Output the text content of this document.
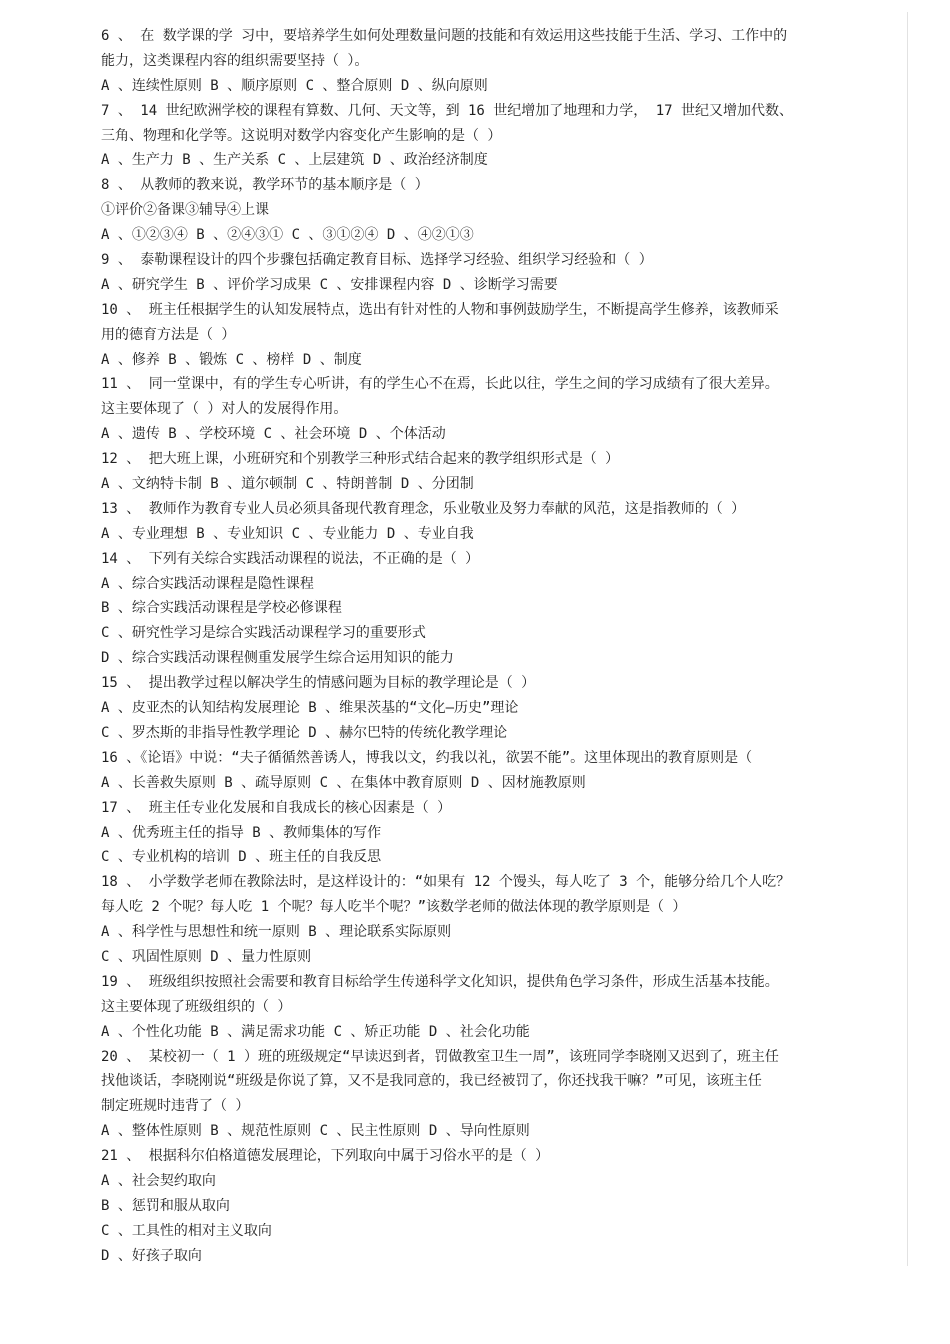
6 、 在 数学课的学 习中，要培养学生如何处理数量问题的技能和有效运用这些技能于生活、学习、工作中的
能力，这类课程内容的组织需要坚持（ ）。
A 、连续性原则 B 、顺序原则 C 、整合原则 D 、纵向原则
7 、 14 世纪欧洲学校的课程有算数、几何、天文等，到 16 世纪增加了地理和力学， 17 世纪又增加代数、
三角、物理和化学等。这说明对数学内容变化产生影响的是（ ）
A 、生产力 B 、生产关系 C 、上层建筑 D 、政治经济制度
8 、 从教师的教来说，教学环节的基本顺序是（ ）
①评价②备课③辅导④上课
A 、①②③④ B 、②④③① C 、③①②④ D 、④②①③
9 、 泰勒课程设计的四个步骤包括确定教育目标、选择学习经验、组织学习经验和（ ）
A 、研究学生 B 、评价学习成果 C 、安排课程内容 D 、诊断学习需要
10 、 班主任根据学生的认知发展特点，选出有针对性的人物和事例鼓励学生，不断提高学生修养，该教师采
用的德育方法是（ ）
A 、修养 B 、锻炼 C 、榜样 D 、制度
11 、 同一堂课中，有的学生专心听讲，有的学生心不在焉，长此以往，学生之间的学习成绩有了很大差异。
这主要体现了（ ）对人的发展得作用。
A 、遗传 B 、学校环境 C 、社会环境 D 、个体活动
12 、 把大班上课，小班研究和个别教学三种形式结合起来的教学组织形式是（ ）
A 、文纳特卡制 B 、道尔顿制 C 、特朗普制 D 、分团制
13 、 教师作为教育专业人员必须具备现代教育理念，乐业敬业及努力奉献的风范，这是指教师的（ ）
A 、专业理想 B 、专业知识 C 、专业能力 D 、专业自我
14 、 下列有关综合实践活动课程的说法，不正确的是（ ）
A 、综合实践活动课程是隐性课程
B 、综合实践活动课程是学校必修课程
C 、研究性学习是综合实践活动课程学习的重要形式
D 、综合实践活动课程侧重发展学生综合运用知识的能力
15 、 提出教学过程以解决学生的情感问题为目标的教学理论是（ ）
A 、皮亚杰的认知结构发展理论 B 、维果茨基的“文化—历史”理论
C 、罗杰斯的非指导性教学理论 D 、赫尔巴特的传统化教学理论
16 、《论语》中说：“夫子循循然善诱人，博我以文，约我以礼，欲罢不能”。这里体现出的教育原则是（
A 、长善救失原则 B 、疏导原则 C 、在集体中教育原则 D 、因材施教原则
17 、 班主任专业化发展和自我成长的核心因素是（ ）
A 、优秀班主任的指导 B 、教师集体的写作
C 、专业机构的培训 D 、班主任的自我反思
18 、 小学数学老师在教除法时，是这样设计的：“如果有 12 个馒头，每人吃了 3 个，能够分给几个人吃？
每人吃 2 个呢？每人吃 1 个呢？每人吃半个呢？”该数学老师的做法体现的教学原则是（ ）
A 、科学性与思想性和统一原则 B 、理论联系实际原则
C 、巩固性原则 D 、量力性原则
19 、 班级组织按照社会需要和教育目标给学生传递科学文化知识，提供角色学习条件，形成生活基本技能。
这主要体现了班级组织的（ ）
A 、个性化功能 B 、满足需求功能 C 、矫正功能 D 、社会化功能
20 、 某校初一（ 1 ）班的班级规定“早读迟到者，罚做教室卫生一周”，该班同学李晓刚又迟到了，班主任
找他谈话，李晓刚说“班级是你说了算，又不是我同意的，我已经被罚了，你还找我干嘛？”可见，该班主任
制定班规时违背了（ ）
A 、整体性原则 B 、规范性原则 C 、民主性原则 D 、导向性原则
21 、 根据科尔伯格道德发展理论，下列取向中属于习俗水平的是（ ）
A 、社会契约取向
B 、惩罚和服从取向
C 、工具性的相对主义取向
D 、好孩子取向
